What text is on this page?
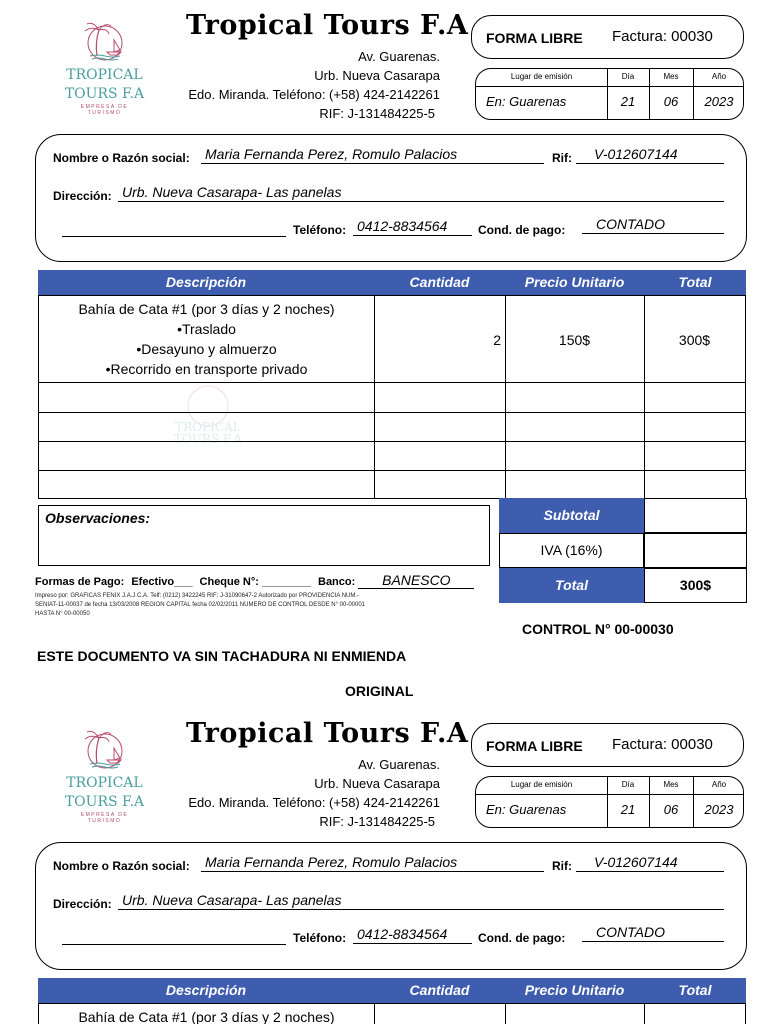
TROPICAL
TOURS F.A
EMPRESA DE
TURISMO
Tropical Tours F.A
Av. Guarenas.
Urb. Nueva Casarapa
Edo. Miranda. Teléfono: (+58) 424-2142261
RIF: J-131484225-5
FORMA LIBRE Factura: 00030
Lugar de emisión	Día	Mes	Año
En: Guarenas	21	06	2023
Nombre o Razón social: Maria Fernanda Perez, Romulo Palacios	Rif:	V-012607144
Dirección: Urb. Nueva Casarapa- Las panelas
Teléfono: 0412-8834564	Cond. de pago:	CONTADO
Descripción	Cantidad	Precio Unitario	Total
TROPICAL
TOURS F.A
Bahía de Cata #1 (por 3 días y 2 noches)
•Traslado
•Desayuno y almuerzo
•Recorrido en transporte privado
2	150$	300$
Observaciones:	Subtotal
IVA (16%)
Total	300$
Formas de Pago: Efectivo___ Cheque N°: ________ Banco: BANESCO
Impreso por: GRAFICAS FENIX J.A.J C.A. Telf: (0212) 3422245 RIF: J-31090647-2 Autorizado por PROVIDENCIA NUM.-
SENIAT-11-00037 de fecha 13/03/2008 REGION CAPITAL fecha 02/02/2011 NUMERO DE CONTROL DESDE N° 00-00001
HASTA N° 00-00050
CONTROL N° 00-00030
ESTE DOCUMENTO VA SIN TACHADURA NI ENMIENDA
ORIGINAL
TROPICAL
TOURS F.A
EMPRESA DE
TURISMO
Tropical Tours F.A
Av. Guarenas.
Urb. Nueva Casarapa
Edo. Miranda. Teléfono: (+58) 424-2142261
RIF: J-131484225-5
FORMA LIBRE Factura: 00030
Lugar de emisión	Día	Mes	Año
En: Guarenas	21	06	2023
Nombre o Razón social: Maria Fernanda Perez, Romulo Palacios	Rif:	V-012607144
Dirección: Urb. Nueva Casarapa- Las panelas
Teléfono: 0412-8834564	Cond. de pago:	CONTADO
Descripción	Cantidad	Precio Unitario	Total
Bahía de Cata #1 (por 3 días y 2 noches)
